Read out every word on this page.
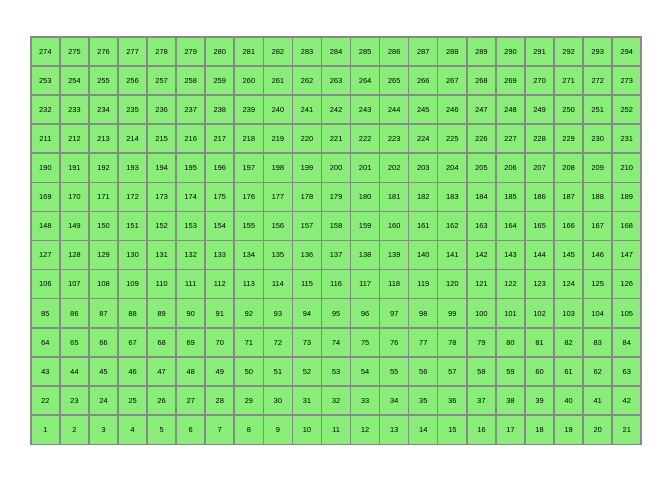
274	275	276	277	278	279	280	281	282	283	284	285	286	287	288	289	290	291	292	293	294
253	254	255	256	257	258	259	260	261	262	263	264	265	266	267	268	269	270	271	272	273
232	233	234	235	236	237	238	239	240	241	242	243	244	245	246	247	248	249	250	251	252
211	212	213	214	215	216	217	218	219	220	221	222	223	224	225	226	227	228	229	230	231
190	191	192	193	194	195	196	197	198	199	200	201	202	203	204	205	206	207	208	209	210
169	170	171	172	173	174	175	176	177	178	179	180	181	182	183	184	185	186	187	188	189
148	149	150	151	152	153	154	155	156	157	158	159	160	161	162	163	164	165	166	167	168
127	128	129	130	131	132	133	134	135	136	137	138	139	140	141	142	143	144	145	146	147
106	107	108	109	110	111	112	113	114	115	116	117	118	119	120	121	122	123	124	125	126
85	86	87	88	89	90	91	92	93	94	95	96	97	98	99	100	101	102	103	104	105
64	65	66	67	68	69	70	71	72	73	74	75	76	77	78	79	80	81	82	83	84
43	44	45	46	47	48	49	50	51	52	53	54	55	56	57	58	59	60	61	62	63
22	23	24	25	26	27	28	29	30	31	32	33	34	35	36	37	38	39	40	41	42
1	2	3	4	5	6	7	8	9	10	11	12	13	14	15	16	17	18	19	20	21
